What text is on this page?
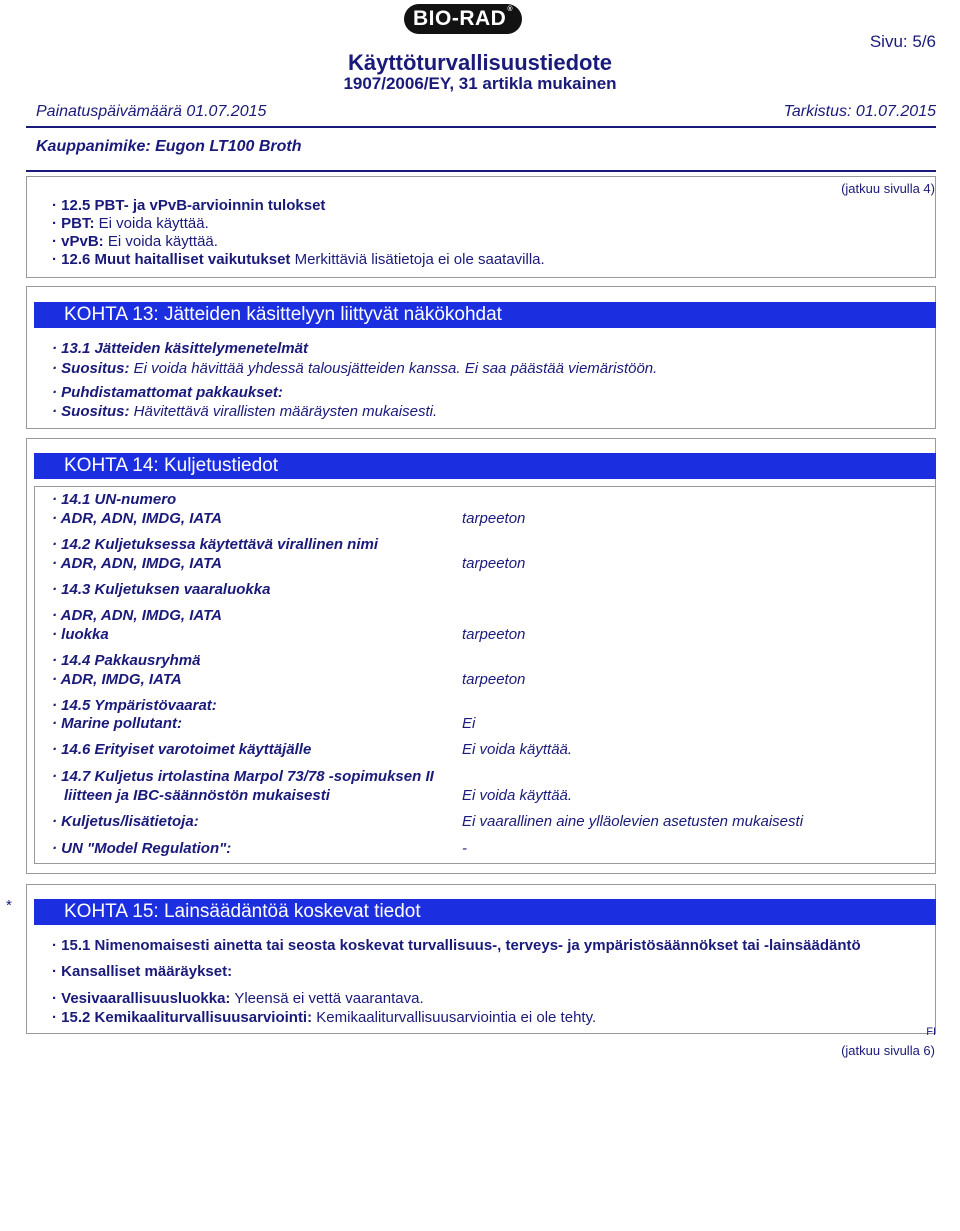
BIO-RAD®
Sivu: 5/6
Käyttöturvallisuustiedote
1907/2006/EY, 31 artikla mukainen
Painatuspäivämäärä 01.07.2015	Tarkistus: 01.07.2015
Kauppanimike: Eugon LT100 Broth
(jatkuu sivulla 4)
· 12.5 PBT- ja vPvB-arvioinnin tulokset
· PBT: Ei voida käyttää.
· vPvB: Ei voida käyttää.
· 12.6 Muut haitalliset vaikutukset Merkittäviä lisätietoja ei ole saatavilla.
KOHTA 13: Jätteiden käsittelyyn liittyvät näkökohdat
· 13.1 Jätteiden käsittelymenetelmät
· Suositus: Ei voida hävittää yhdessä talousjätteiden kanssa. Ei saa päästää viemäristöön.
· Puhdistamattomat pakkaukset:
· Suositus: Hävitettävä virallisten määräysten mukaisesti.
KOHTA 14: Kuljetustiedot
· 14.1 UN-numero
· ADR, ADN, IMDG, IATA	tarpeeton
· 14.2 Kuljetuksessa käytettävä virallinen nimi
· ADR, ADN, IMDG, IATA	tarpeeton
· 14.3 Kuljetuksen vaaraluokka
· ADR, ADN, IMDG, IATA
· luokka	tarpeeton
· 14.4 Pakkausryhmä
· ADR, IMDG, IATA	tarpeeton
· 14.5 Ympäristövaarat:
· Marine pollutant:	Ei
· 14.6 Erityiset varotoimet käyttäjälle	Ei voida käyttää.
· 14.7 Kuljetus irtolastina Marpol 73/78 -sopimuksen II
liitteen ja IBC-säännöstön mukaisesti	Ei voida käyttää.
· Kuljetus/lisätietoja:	Ei vaarallinen aine ylläolevien asetusten mukaisesti
· UN "Model Regulation":	-
*	KOHTA 15: Lainsäädäntöä koskevat tiedot
· 15.1 Nimenomaisesti ainetta tai seosta koskevat turvallisuus-, terveys- ja ympäristösäännökset tai -lainsäädäntö
· Kansalliset määräykset:
· Vesivaarallisuusluokka: Yleensä ei vettä vaarantava.
· 15.2 Kemikaaliturvallisuusarviointi: Kemikaaliturvallisuusarviointia ei ole tehty.
FI
(jatkuu sivulla 6)
